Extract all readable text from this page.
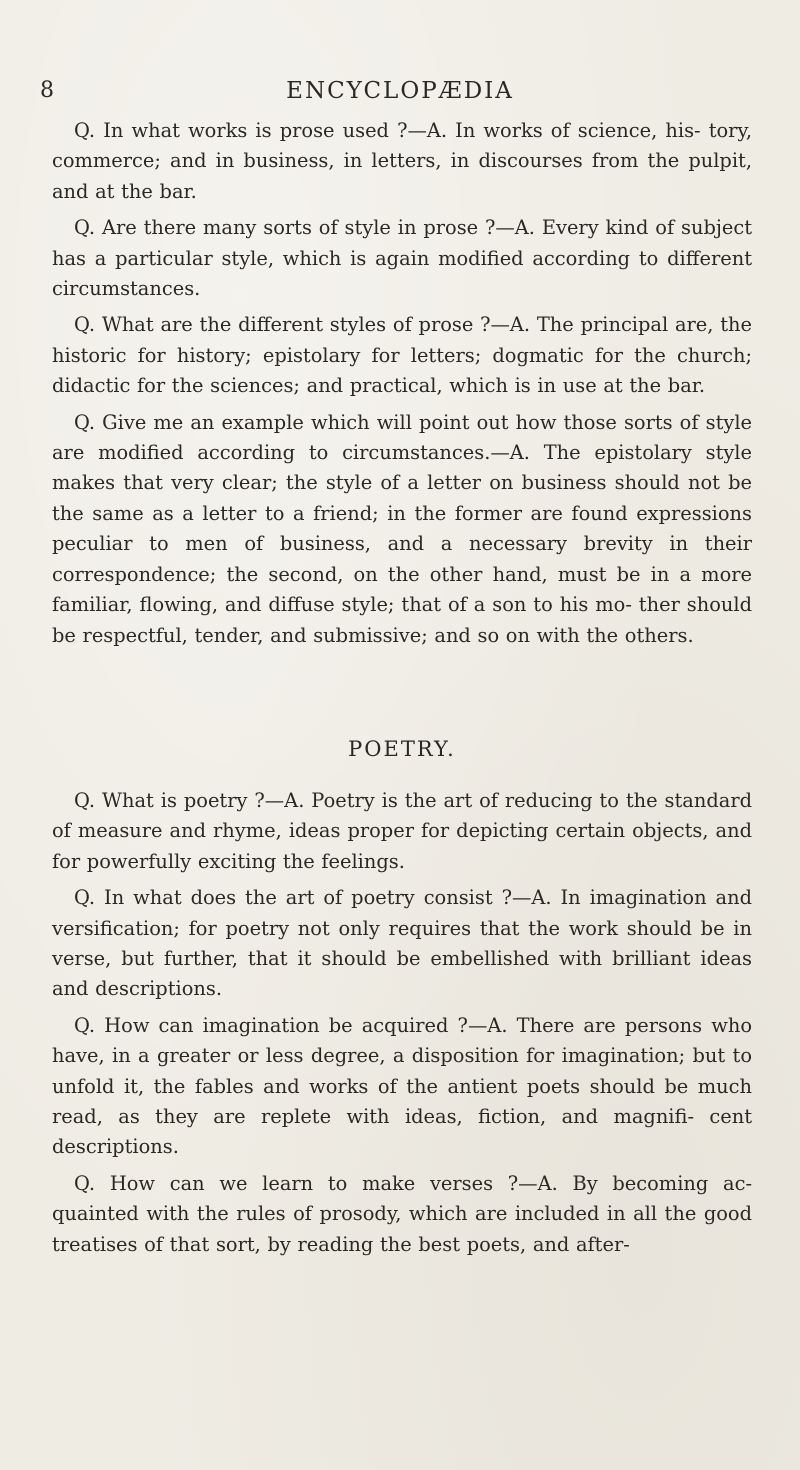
8	ENCYCLOPÆDIA

Q. In what works is prose used ?—A. In works of science, his- tory, commerce; and in business, in letters, in discourses from the pulpit, and at the bar.

Q. Are there many sorts of style in prose ?—A. Every kind of subject has a particular style, which is again modified according to different circumstances.

Q. What are the different styles of prose ?—A. The principal are, the historic for history; epistolary for letters; dogmatic for the church; didactic for the sciences; and practical, which is in use at the bar.

Q. Give me an example which will point out how those sorts of style are modified according to circumstances.—A. The epistolary style makes that very clear; the style of a letter on business should not be the same as a letter to a friend; in the former are found expressions peculiar to men of business, and a necessary brevity in their correspondence; the second, on the other hand, must be in a more familiar, flowing, and diffuse style; that of a son to his mo- ther should be respectful, tender, and submissive; and so on with the others.

POETRY.

Q. What is poetry ?—A. Poetry is the art of reducing to the standard of measure and rhyme, ideas proper for depicting certain objects, and for powerfully exciting the feelings.

Q. In what does the art of poetry consist ?—A. In imagination and versification; for poetry not only requires that the work should be in verse, but further, that it should be embellished with brilliant ideas and descriptions.

Q. How can imagination be acquired ?—A. There are persons who have, in a greater or less degree, a disposition for imagination; but to unfold it, the fables and works of the antient poets should be much read, as they are replete with ideas, fiction, and magnifi- cent descriptions.

Q. How can we learn to make verses ?—A. By becoming ac- quainted with the rules of prosody, which are included in all the good treatises of that sort, by reading the best poets, and after-
